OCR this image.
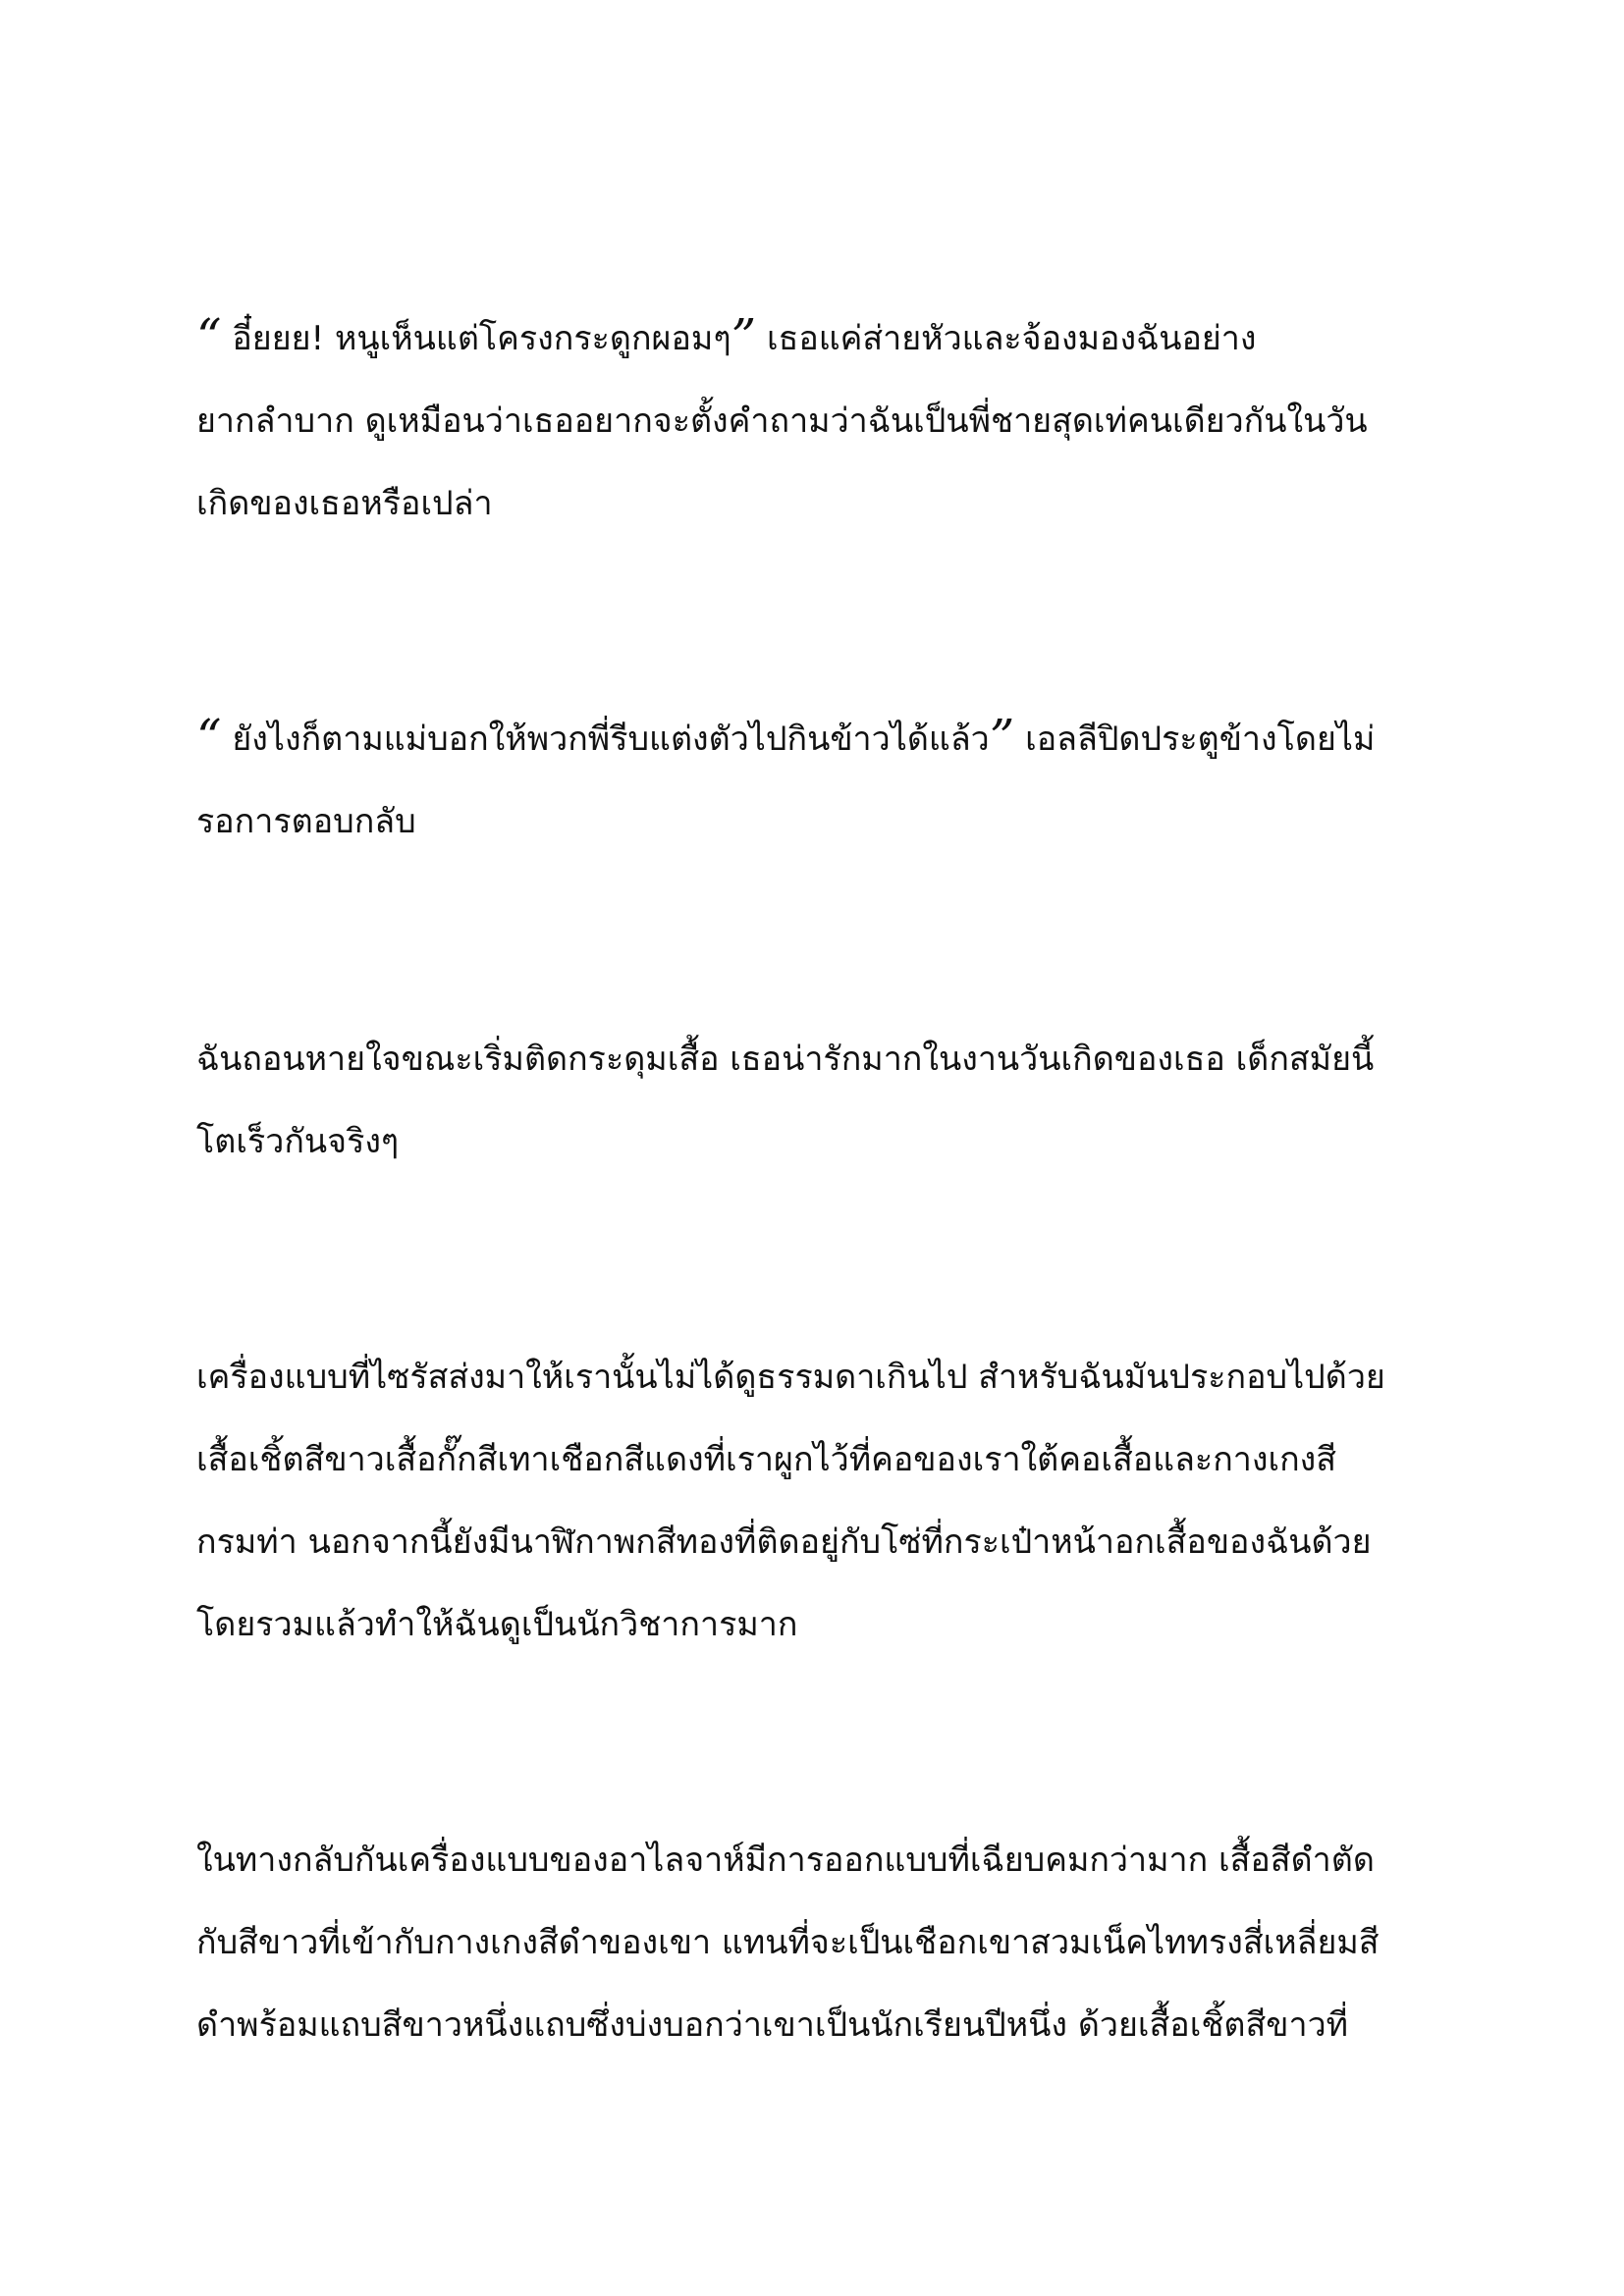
“ อี๋ยยย! หนูเห็นแต่โครงกระดูกผอมๆ” เธอแค่ส่ายหัวและจ้องมองฉันอย่าง
ยากลำบาก ดูเหมือนว่าเธออยากจะตั้งคำถามว่าฉันเป็นพี่ชายสุดเท่คนเดียวกันในวัน
เกิดของเธอหรือเปล่า
“ ยังไงก็ตามแม่บอกให้พวกพี่รีบแต่งตัวไปกินข้าวได้แล้ว” เอลลีปิดประตูข้างโดยไม่
รอการตอบกลับ
ฉันถอนหายใจขณะเริ่มติดกระดุมเสื้อ เธอน่ารักมากในงานวันเกิดของเธอ เด็กสมัยนี้
โตเร็วกันจริงๆ
เครื่องแบบที่ไซรัสส่งมาให้เรานั้นไม่ได้ดูธรรมดาเกินไป สำหรับฉันมันประกอบไปด้วย
เสื้อเชิ้ตสีขาวเสื้อกั๊กสีเทาเชือกสีแดงที่เราผูกไว้ที่คอของเราใต้คอเสื้อและกางเกงสี
กรมท่า นอกจากนี้ยังมีนาฬิกาพกสีทองที่ติดอยู่กับโซ่ที่กระเป๋าหน้าอกเสื้อของฉันด้วย
โดยรวมแล้วทำให้ฉันดูเป็นนักวิชาการมาก
ในทางกลับกันเครื่องแบบของอาไลจาห์มีการออกแบบที่เฉียบคมกว่ามาก เสื้อสีดำตัด
กับสีขาวที่เข้ากับกางเกงสีดำของเขา แทนที่จะเป็นเชือกเขาสวมเน็คไททรงสี่เหลี่ยมสี
ดำพร้อมแถบสีขาวหนึ่งแถบซึ่งบ่งบอกว่าเขาเป็นนักเรียนปีหนึ่ง ด้วยเสื้อเชิ้ตสีขาวที่
